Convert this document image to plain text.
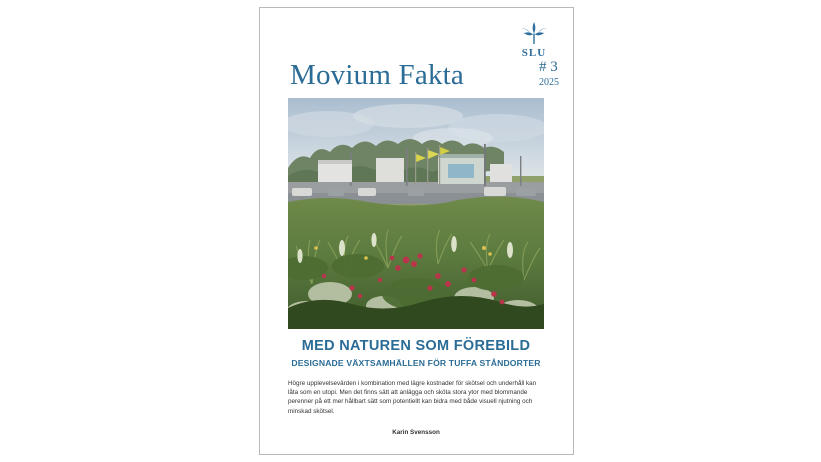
SLU
Movium Fakta	# 3
2025
MED NATUREN SOM FÖREBILD
DESIGNADE VÄXTSAMHÄLLEN FÖR TUFFA STÅNDORTER
Högre upplevelsevärden i kombination med lägre kostnader för skötsel och underhåll kan låta som en utopi. Men det finns sätt att anlägga och sköta stora ytor med blommande perenner på ett mer hållbart sätt som potentiellt kan bidra med både visuell njutning och minskad skötsel.
Karin Svensson
